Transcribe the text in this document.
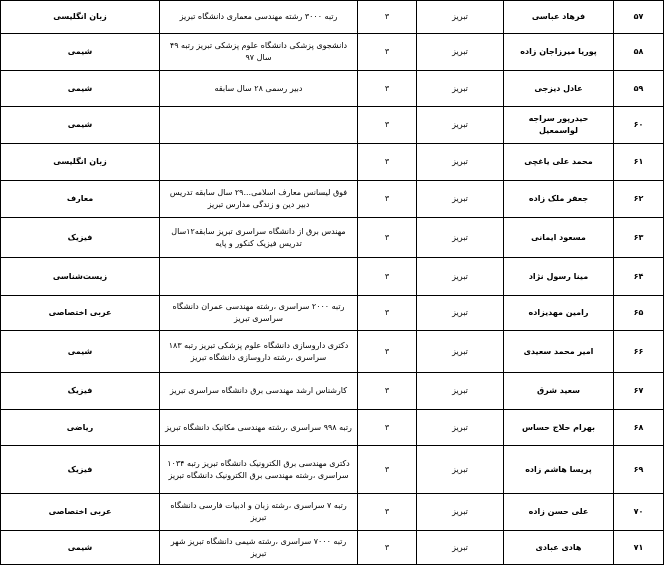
۵۷	فرهاد عباسی	تبریز	۳	رتبه ۳۰۰۰ رشته مهندسی معماری دانشگاه تبریز	زبان انگلیسی
۵۸	پوریا میرزاجان زاده	تبریز	۳	دانشجوی پزشکی دانشگاه علوم پزشکی تبریز رتبه ۴۹ سال ۹۷	شیمی
۵۹	عادل دیزجی	تبریز	۳	دبیر رسمی ۲۸ سال سابقه	شیمی
۶۰	حیدرپور سراجه لواسمعیل	تبریز	۳		شیمی
۶۱	محمد علی یاغچی	تبریز	۳		زبان انگلیسی
۶۲	جعفر ملک زاده	تبریز	۳	فوق لیسانس معارف اسلامی...۲۹ سال سابقه تدریس دبیر دین و زندگی مدارس تبریز	معارف
۶۳	مسعود ایمانی	تبریز	۳	مهندس برق از دانشگاه سراسری تبریز سابقه۱۲سال تدریس فیزیک کنکور و پایه	فیزیک
۶۴	مینا رسول نژاد	تبریز	۳		زیست‌شناسی
۶۵	رامین مهدیزاده	تبریز	۳	رتبه ۲۰۰۰ سراسری ،رشته مهندسی عمران دانشگاه سراسری تبریز	عربی اختصاصی
۶۶	امیر محمد سعیدی	تبریز	۳	دکتری داروسازی دانشگاه علوم پزشکی تبریز رتبه ۱۸۳ سراسری ،رشته داروسازی دانشگاه تبریز	شیمی
۶۷	سعید شرق	تبریز	۳	کارشناس ارشد مهندسی برق دانشگاه سراسری تبریز	فیزیک
۶۸	بهرام حلاج حساس	تبریز	۳	رتبه ۹۹۸ سراسری ،رشته مهندسی مکانیک دانشگاه تبریز	ریاضی
۶۹	پریسا هاشم زاده	تبریز	۳	دکتری مهندسی برق الکترونیک دانشگاه تبریز رتبه ۱۰۳۴ سراسری ،رشته مهندسی برق الکترونیک دانشگاه تبریز	فیزیک
۷۰	علی حسن زاده	تبریز	۳	رتبه ۷ سراسری ،رشته زبان و ادبیات فارسی دانشگاه تبریز	عربی اختصاصی
۷۱	هادی عبادی	تبریز	۳	رتبه ۷۰۰۰ سراسری ،رشته شیمی دانشگاه تبریز شهر تبریز	شیمی
